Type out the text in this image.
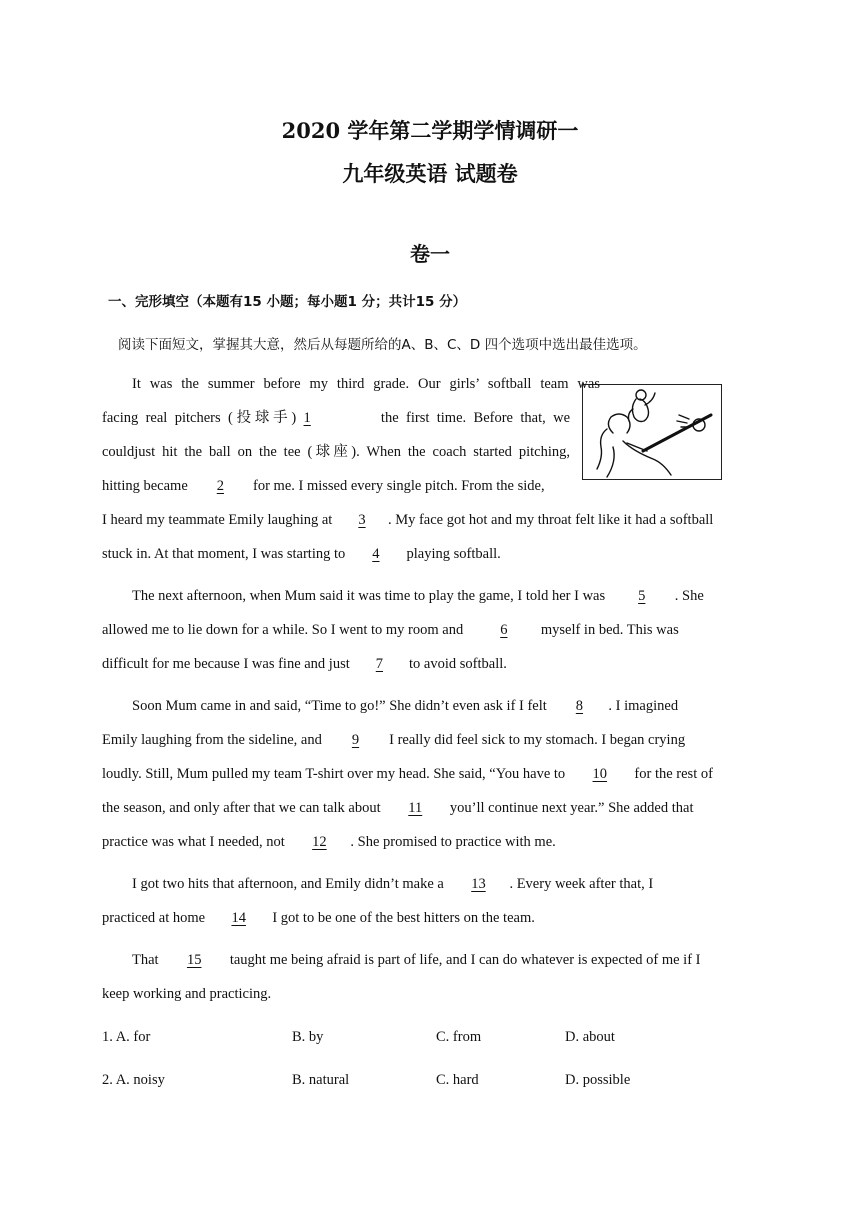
2020 学年第二学期学情调研一
九年级英语 试题卷
卷一
一、完形填空（本题有15 小题；每小题1 分；共计15 分）
阅读下面短文，掌握其大意，然后从每题所给的A、B、C、D 四个选项中选出最佳选项。
It was the summer before my third grade. Our girls’ softball team was
facing real pitchers (投球手) 1	the first time. Before that, we
couldjust hit the ball on the tee (球座). When the coach started pitching,
hitting became 2 for me. I missed every single pitch. From the side,
I heard my teammate Emily laughing at 3 . My face got hot and my throat felt like it had a softball
stuck in. At that moment, I was starting to 4 playing softball.
The next afternoon, when Mum said it was time to play the game, I told her I was 5 . She
allowed me to lie down for a while. So I went to my room and 6 myself in bed. This was
difficult for me because I was fine and just 7 to avoid softball.
Soon Mum came in and said, “Time to go!” She didn’t even ask if I felt 8 . I imagined
Emily laughing from the sideline, and 9 I really did feel sick to my stomach. I began crying
loudly. Still, Mum pulled my team T-shirt over my head. She said, “You have to 10 for the rest of
the season, and only after that we can talk about 11 you’ll continue next year.” She added that
practice was what I needed, not 12 . She promised to practice with me.
I got two hits that afternoon, and Emily didn’t make a 13 . Every week after that, I
practiced at home 14 I got to be one of the best hitters on the team.
That 15 taught me being afraid is part of life, and I can do whatever is expected of me if I
keep working and practicing.
1. A. for	B. by	C. from	D. about
2. A. noisy	B. natural	C. hard	D. possible
